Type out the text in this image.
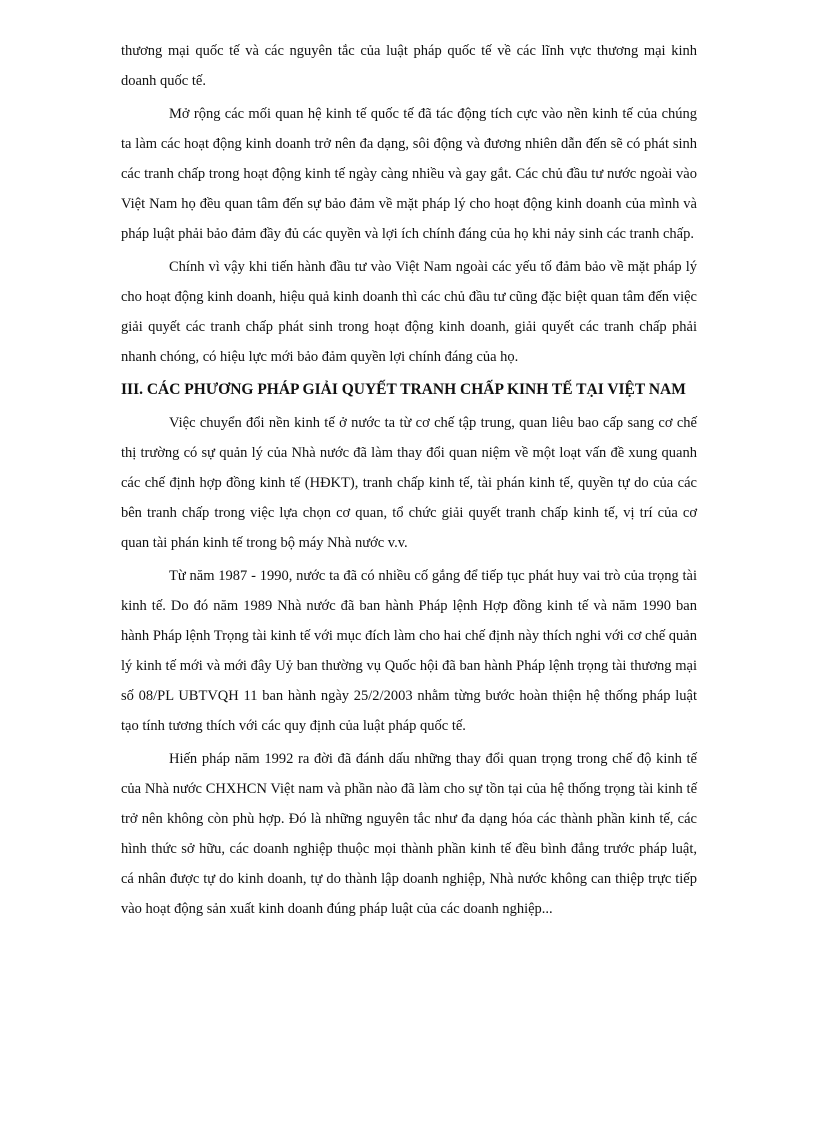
thương mại quốc tế và các nguyên tắc của luật pháp quốc tế về các lĩnh vực thương mại kinh doanh quốc tế.

Mở rộng các mối quan hệ kinh tế quốc tế đã tác động tích cực vào nền kinh tế của chúng ta làm các hoạt động kinh doanh trở nên đa dạng, sôi động và đương nhiên dẫn đến sẽ có phát sinh các tranh chấp trong hoạt động kinh tế ngày càng nhiều và gay gắt. Các chủ đầu tư nước ngoài vào Việt Nam họ đều quan tâm đến sự bảo đảm về mặt pháp lý cho hoạt động kinh doanh của mình và pháp luật phải bảo đảm đầy đủ các quyền và lợi ích chính đáng của họ khi nảy sinh các tranh chấp.

Chính vì vậy khi tiến hành đầu tư vào Việt Nam ngoài các yếu tố đảm bảo về mặt pháp lý cho hoạt động kinh doanh, hiệu quả kinh doanh thì các chủ đầu tư cũng đặc biệt quan tâm đến việc giải quyết các tranh chấp phát sinh trong hoạt động kinh doanh, giải quyết các tranh chấp phải nhanh chóng, có hiệu lực mới bảo đảm quyền lợi chính đáng của họ.

III. CÁC PHƯƠNG PHÁP GIẢI QUYẾT TRANH CHẤP KINH TẾ TẠI VIỆT NAM

Việc chuyển đổi nền kinh tế ở nước ta từ cơ chế tập trung, quan liêu bao cấp sang cơ chế thị trường có sự quản lý của Nhà nước đã làm thay đổi quan niệm về một loạt vấn đề xung quanh các chế định hợp đồng kinh tế (HĐKT), tranh chấp kinh tế, tài phán kinh tế, quyền tự do của các bên tranh chấp trong việc lựa chọn cơ quan, tổ chức giải quyết tranh chấp kinh tế, vị trí của cơ quan tài phán kinh tế trong bộ máy Nhà nước v.v.

Từ năm 1987 - 1990, nước ta đã có nhiều cố gắng để tiếp tục phát huy vai trò của trọng tài kinh tế. Do đó năm 1989 Nhà nước đã ban hành Pháp lệnh Hợp đồng kinh tế và năm 1990 ban hành Pháp lệnh Trọng tài kinh tế với mục đích làm cho hai chế định này thích nghi với cơ chế quản lý kinh tế mới và mới đây Uỷ ban thường vụ Quốc hội đã ban hành Pháp lệnh trọng tài thương mại số 08/PL UBTVQH 11 ban hành ngày 25/2/2003 nhằm từng bước hoàn thiện hệ thống pháp luật tạo tính tương thích với các quy định của luật pháp quốc tế.

Hiến pháp năm 1992 ra đời đã đánh dấu những thay đổi quan trọng trong chế độ kinh tế của Nhà nước CHXHCN Việt nam và phần nào đã làm cho sự tồn tại của hệ thống trọng tài kinh tế trở nên không còn phù hợp. Đó là những nguyên tắc như đa dạng hóa các thành phần kinh tế, các hình thức sở hữu, các doanh nghiệp thuộc mọi thành phần kinh tế đều bình đẳng trước pháp luật, cá nhân được tự do kinh doanh, tự do thành lập doanh nghiệp, Nhà nước không can thiệp trực tiếp vào hoạt động sản xuất kinh doanh đúng pháp luật của các doanh nghiệp...
